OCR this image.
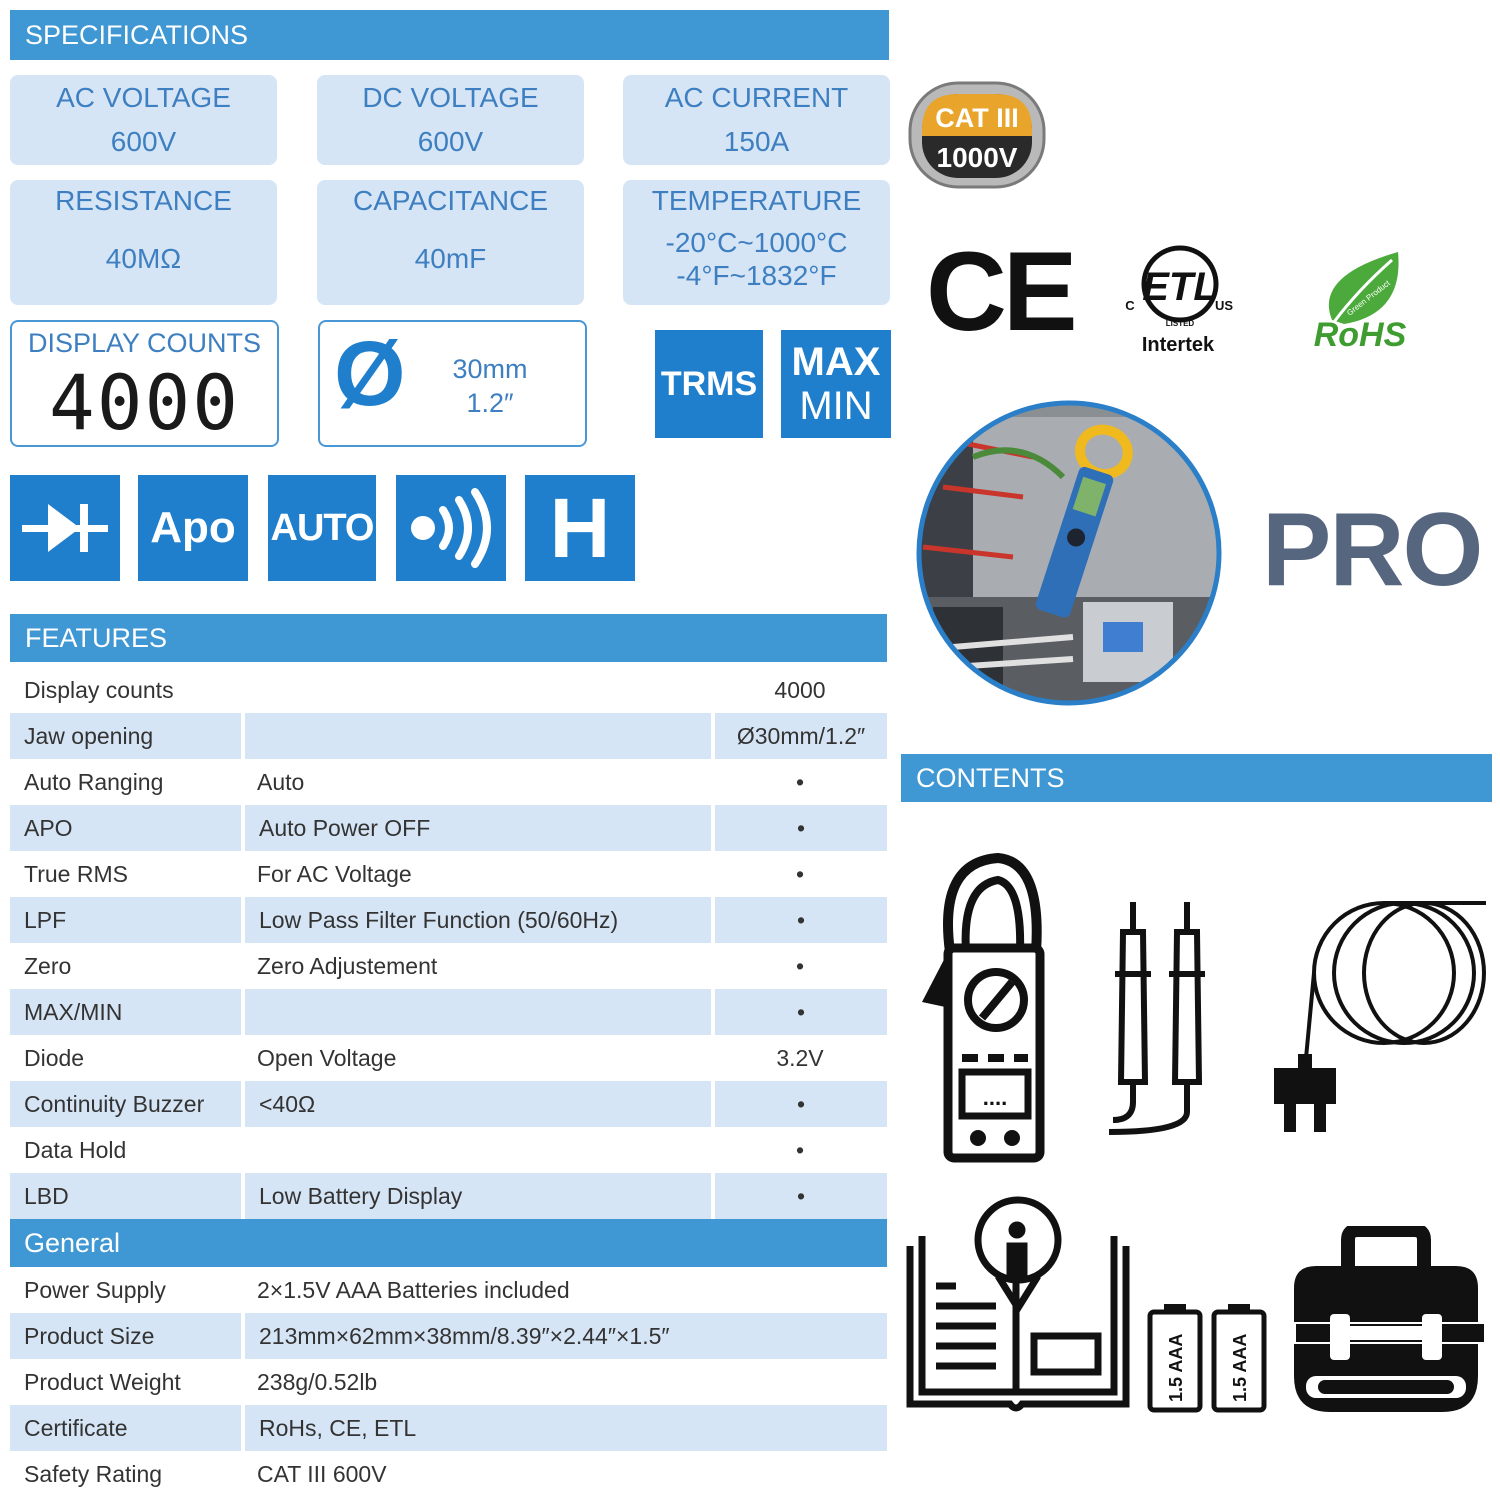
SPECIFICATIONS
AC VOLTAGE
600V
DC VOLTAGE
600V
AC CURRENT
150A
RESISTANCE
40MΩ
CAPACITANCE
40mF
TEMPERATURE
-20°C~1000°C
-4°F~1832°F
DISPLAY COUNTS
4000	Ø	30mm
1.2″
TRMS MAX
MIN
Apo AUTO H
CAT III
1000V
CE ETL
LISTED
C	US
Intertek
Green Product
RoHS
PRO
FEATURES
Display counts		4000
Jaw opening		Ø30mm/1.2″
Auto Ranging	Auto	•
APO	Auto Power OFF	•
True RMS	For AC Voltage	•
LPF	Low Pass Filter Function (50/60Hz)	•
Zero	Zero Adjustement	•
MAX/MIN		•
Diode	Open Voltage	3.2V
Continuity Buzzer	<40Ω	•
Data Hold		•
LBD	Low Battery Display	•
General		
Power Supply	2×1.5V AAA Batteries included	
Product Size	213mm×62mm×38mm/8.39″×2.44″×1.5″	
Product Weight	238g/0.52lb	
Certificate	RoHs, CE, ETL	
Safety Rating	CAT III 600V	
CONTENTS
....
1.5 AAA 1.5 AAA
